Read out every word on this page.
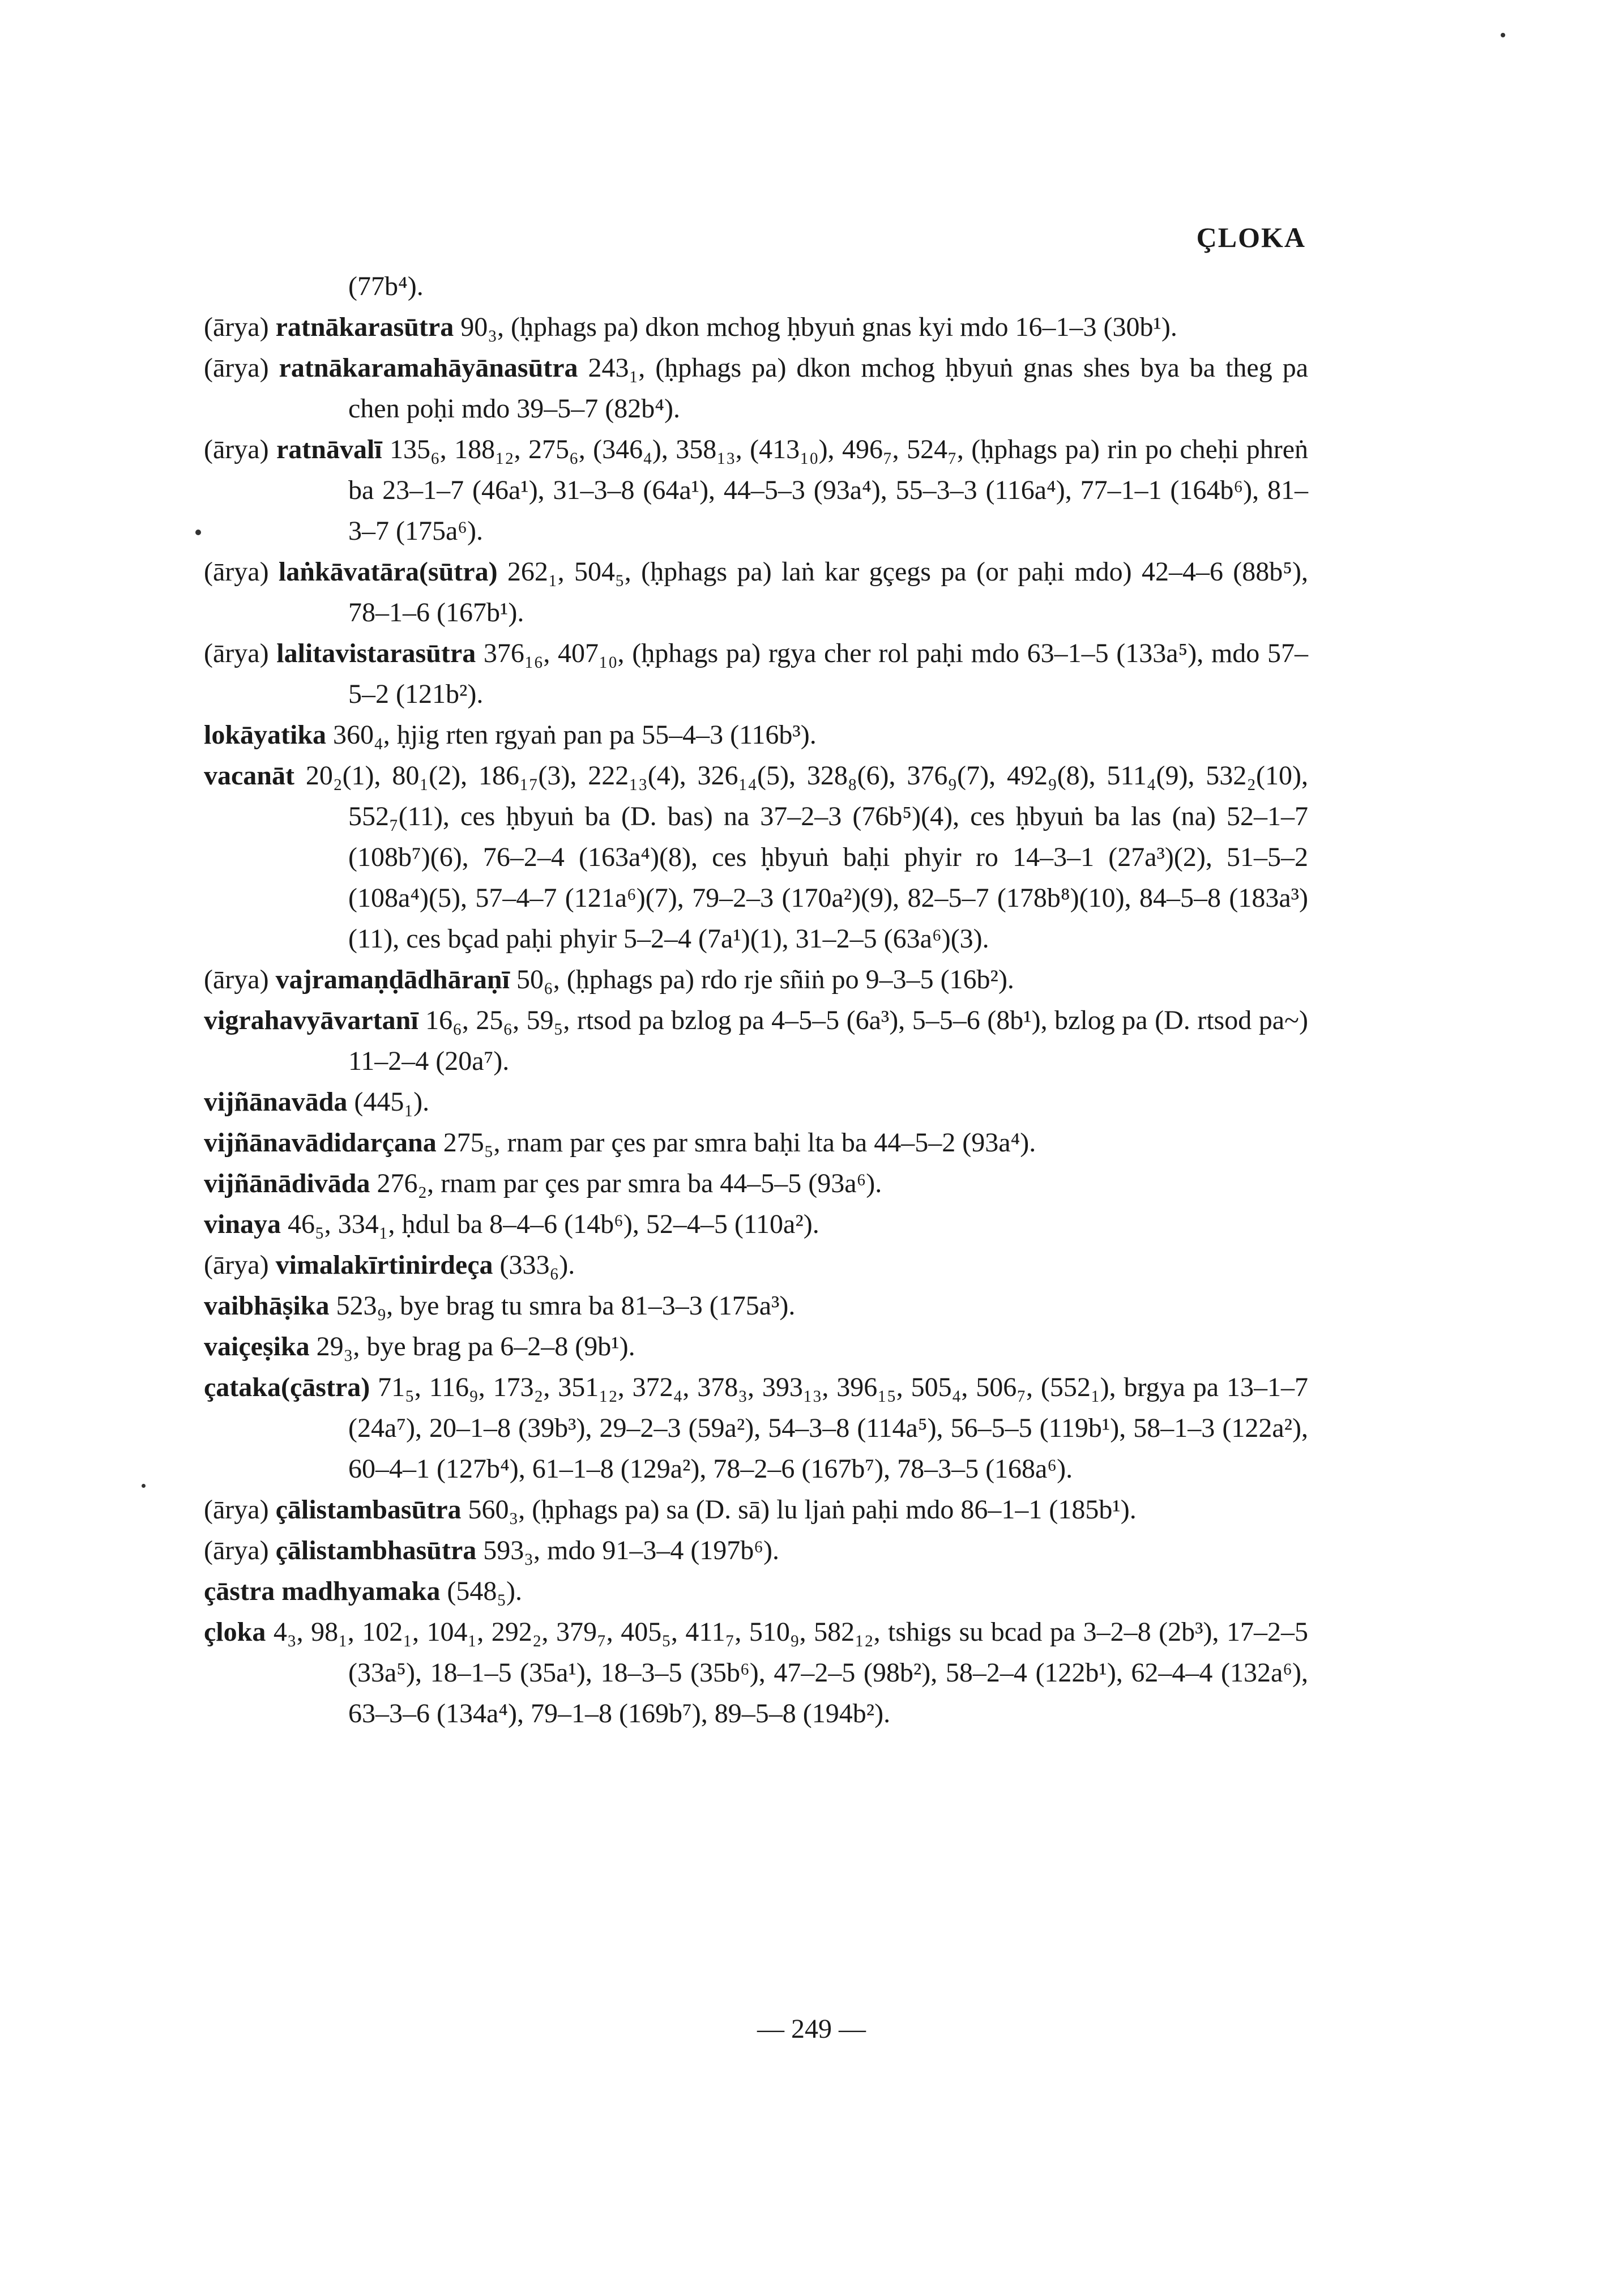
ÇLOKA

(77b⁴).

(ārya) ratnākarasūtra 90₃, (ḥphags pa) dkon mchog ḥbyuṅ gnas kyi mdo 16–1–3 (30b¹).

(ārya) ratnākaramahāyānasūtra 243₁, (ḥphags pa) dkon mchog ḥbyuṅ gnas shes bya ba theg pa chen poḥi mdo 39–5–7 (82b⁴).

(ārya) ratnāvalī 135₆, 188₁₂, 275₆, (346₄), 358₁₃, (413₁₀), 496₇, 524₇, (ḥphags pa) rin po cheḥi phreṅ ba 23–1–7 (46a¹), 31–3–8 (64a¹), 44–5–3 (93a⁴), 55–3–3 (116a⁴), 77–1–1 (164b⁶), 81–3–7 (175a⁶).

(ārya) laṅkāvatāra(sūtra) 262₁, 504₅, (ḥphags pa) laṅ kar gçegs pa (or paḥi mdo) 42–4–6 (88b⁵), 78–1–6 (167b¹).

(ārya) lalitavistarasūtra 376₁₆, 407₁₀, (ḥphags pa) rgya cher rol paḥi mdo 63–1–5 (133a⁵), mdo 57–5–2 (121b²).

lokāyatika 360₄, ḥjig rten rgyaṅ pan pa 55–4–3 (116b³).

vacanāt 20₂(1), 80₁(2), 186₁₇(3), 222₁₃(4), 326₁₄(5), 328₈(6), 376₉(7), 492₉(8), 511₄(9), 532₂(10), 552₇(11), ces ḥbyuṅ ba (D. bas) na 37–2–3 (76b⁵)(4), ces ḥbyuṅ ba las (na) 52–1–7 (108b⁷)(6), 76–2–4 (163a⁴)(8), ces ḥbyuṅ baḥi phyir ro 14–3–1 (27a³)(2), 51–5–2 (108a⁴)(5), 57–4–7 (121a⁶)(7), 79–2–3 (170a²)(9), 82–5–7 (178b⁸)(10), 84–5–8 (183a³)(11), ces bçad paḥi phyir 5–2–4 (7a¹)(1), 31–2–5 (63a⁶)(3).

(ārya) vajramaṇḍādhāraṇī 50₆, (ḥphags pa) rdo rje sñiṅ po 9–3–5 (16b²).

vigrahavyāvartanī 16₆, 25₆, 59₅, rtsod pa bzlog pa 4–5–5 (6a³), 5–5–6 (8b¹), bzlog pa (D. rtsod pa~) 11–2–4 (20a⁷).

vijñānavāda (445₁).

vijñānavādidarçana 275₅, rnam par çes par smra baḥi lta ba 44–5–2 (93a⁴).

vijñānādivāda 276₂, rnam par çes par smra ba 44–5–5 (93a⁶).

vinaya 46₅, 334₁, ḥdul ba 8–4–6 (14b⁶), 52–4–5 (110a²).

(ārya) vimalakīrtinirdeça (333₆).

vaibhāṣika 523₉, bye brag tu smra ba 81–3–3 (175a³).

vaiçeṣika 29₃, bye brag pa 6–2–8 (9b¹).

çataka(çāstra) 71₅, 116₉, 173₂, 351₁₂, 372₄, 378₃, 393₁₃, 396₁₅, 505₄, 506₇, (552₁), brgya pa 13–1–7 (24a⁷), 20–1–8 (39b³), 29–2–3 (59a²), 54–3–8 (114a⁵), 56–5–5 (119b¹), 58–1–3 (122a²), 60–4–1 (127b⁴), 61–1–8 (129a²), 78–2–6 (167b⁷), 78–3–5 (168a⁶).

(ārya) çālistambasūtra 560₃, (ḥphags pa) sa (D. sā) lu ljaṅ paḥi mdo 86–1–1 (185b¹).

(ārya) çālistambhasūtra 593₃, mdo 91–3–4 (197b⁶).

çāstra madhyamaka (548₅).

çloka 4₃, 98₁, 102₁, 104₁, 292₂, 379₇, 405₅, 411₇, 510₉, 582₁₂, tshigs su bcad pa 3–2–8 (2b³), 17–2–5 (33a⁵), 18–1–5 (35a¹), 18–3–5 (35b⁶), 47–2–5 (98b²), 58–2–4 (122b¹), 62–4–4 (132a⁶), 63–3–6 (134a⁴), 79–1–8 (169b⁷), 89–5–8 (194b²).

— 249 —
